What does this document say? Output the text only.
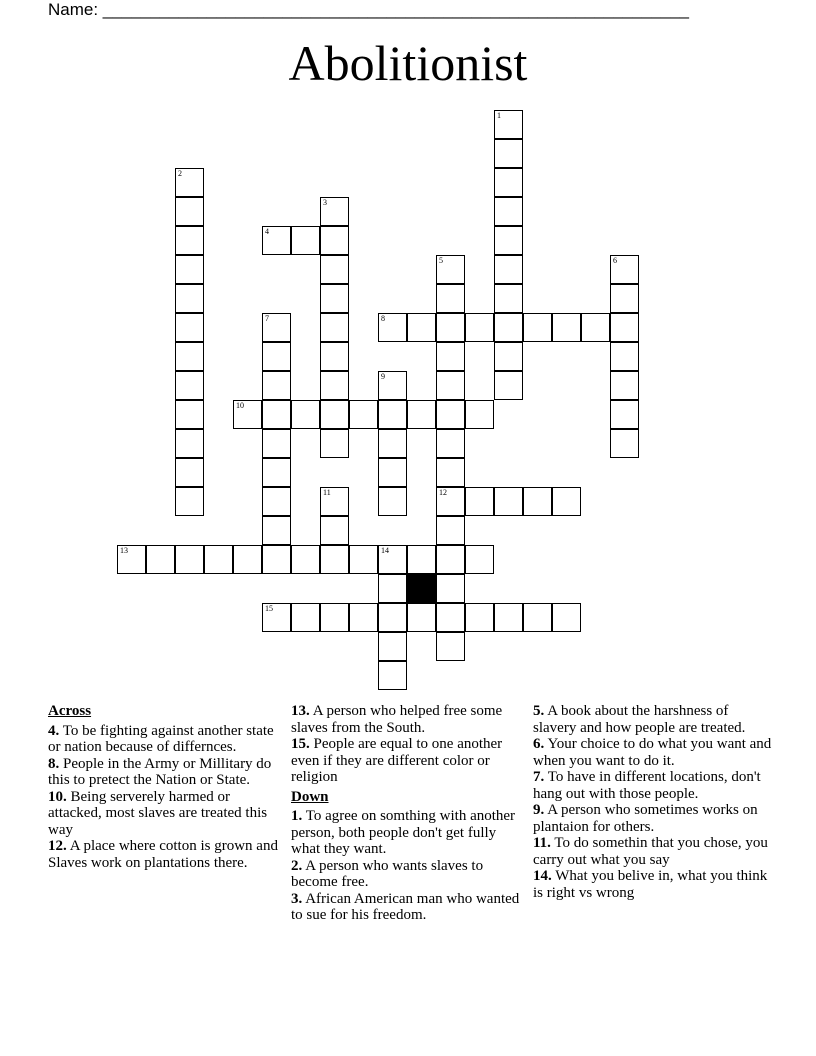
Name: ______________________________________________________________
Abolitionist
1
2
3
4
5
12
6
7	8
9
10
11
13	14
15
Across
4. To be fighting against another state or nation because of differnces.
8. People in the Army or Millitary do this to pretect the Nation or State.
10. Being serverely harmed or attacked, most slaves are treated this way
12. A place where cotton is grown and Slaves work on plantations there.
13. A person who helped free some slaves from the South.
15. People are equal to one another even if they are different color or religion
Down
1. To agree on somthing with another person, both people don't get fully what they want.
2. A person who wants slaves to become free.
3. African American man who wanted to sue for his freedom.
5. A book about the harshness of slavery and how people are treated.
6. Your choice to do what you want and when you want to do it.
7. To have in different locations, don't hang out with those people.
9. A person who sometimes works on plantaion for others.
11. To do somethin that you chose, you carry out what you say
14. What you belive in, what you think is right vs wrong
